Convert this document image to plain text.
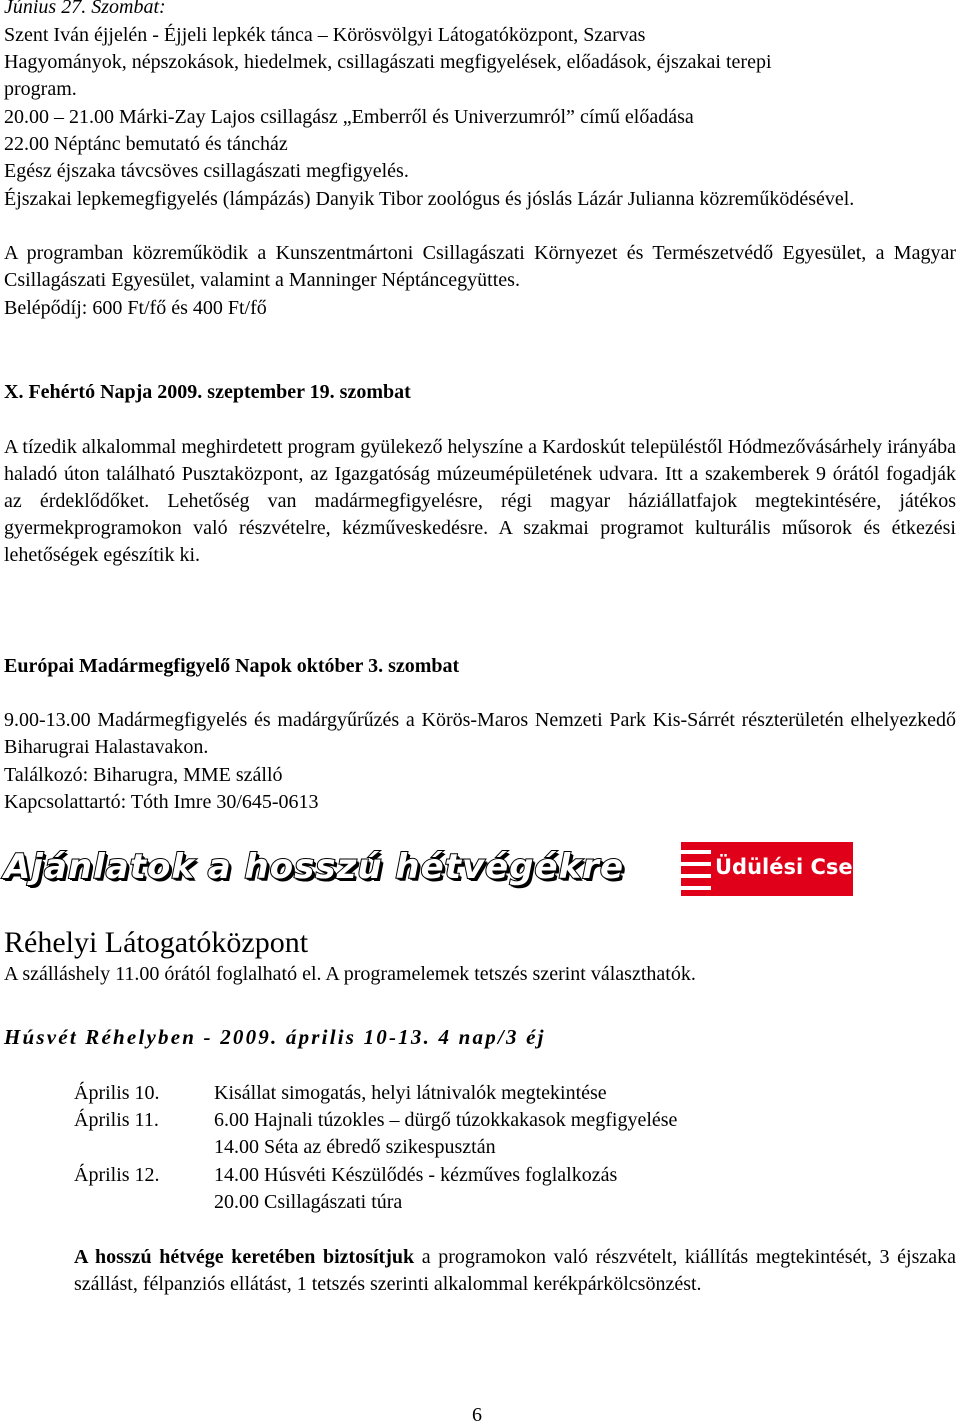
Június 27. Szombat:
Szent Iván éjjelén - Éjjeli lepkék tánca – Körösvölgyi Látogatóközpont, Szarvas
Hagyományok, népszokások, hiedelmek, csillagászati megfigyelések, előadások, éjszakai terepi
program.
20.00 – 21.00 Márki-Zay Lajos csillagász „Emberről és Univerzumról” című előadása
22.00 Néptánc bemutató és táncház
Egész éjszaka távcsöves csillagászati megfigyelés.
Éjszakai lepkemegfigyelés (lámpázás) Danyik Tibor zoológus és jóslás Lázár Julianna közreműködésével.
A programban közreműködik a Kunszentmártoni Csillagászati Környezet és Természetvédő Egyesület, a Magyar Csillagászati Egyesület, valamint a Manninger Néptáncegyüttes.
Belépődíj: 600 Ft/fő és 400 Ft/fő
X. Fehértó Napja 2009. szeptember 19. szombat
A tízedik alkalommal meghirdetett program gyülekező helyszíne a Kardoskút településtől Hódmezővásárhely irányába haladó úton található Pusztaközpont, az Igazgatóság múzeumépületének udvara. Itt a szakemberek 9 órától fogadják az érdeklődőket. Lehetőség van madármegfigyelésre, régi magyar háziállatfajok megtekintésére, játékos gyermekprogramokon való részvételre, kézműveskedésre. A szakmai programot kulturális műsorok és étkezési lehetőségek egészítik ki.
Európai Madármegfigyelő Napok október 3. szombat
9.00-13.00 Madármegfigyelés és madárgyűrűzés a Körös-Maros Nemzeti Park Kis-Sárrét részterületén elhelyezkedő Biharugrai Halastavakon.
Találkozó: Biharugra, MME szálló
Kapcsolattartó: Tóth Imre 30/645-0613
Ajánlatok a hosszú hétvégékre	Üdülési Csekk
Réhelyi Látogatóközpont
A szálláshely 11.00 órától foglalható el. A programelemek tetszés szerint választhatók.
Húsvét Réhelyben - 2009. április 10-13. 4 nap/3 éj
Április 10.	Kisállat simogatás, helyi látnivalók megtekintése
Április 11.	6.00 Hajnali túzokles – dürgő túzokkakasok megfigyelése
14.00 Séta az ébredő szikespusztán
Április 12.	14.00 Húsvéti Készülődés - kézműves foglalkozás
20.00 Csillagászati túra
A hosszú hétvége keretében biztosítjuk a programokon való részvételt, kiállítás megtekintését, 3 éjszaka szállást, félpanziós ellátást, 1 tetszés szerinti alkalommal kerékpárkölcsönzést.
6
